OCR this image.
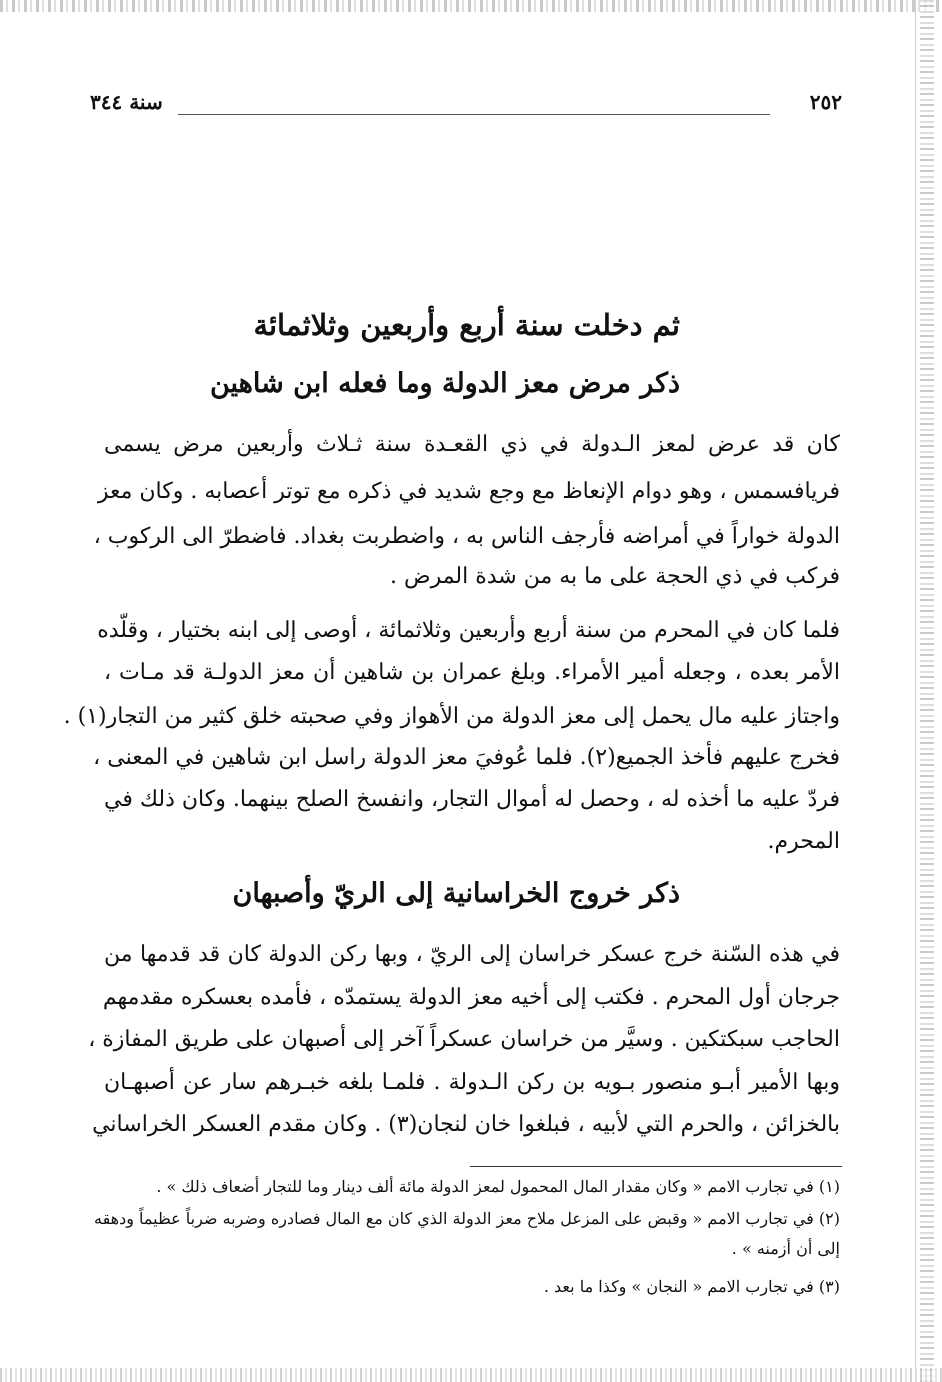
٢٥٢
سنة ٣٤٤
ثم دخلت سنة أربع وأربعين وثلاثمائة
ذكر مرض معز الدولة وما فعله ابن شاهين
كان قد عرض لمعز الـدولة في ذي القعـدة سنة ثـلاث وأربعين مرض يسمى
فريافسمس ، وهو دوام الإنعاظ مع وجع شديد في ذكره مع توتر أعصابه . وكان معز
الدولة خواراً في أمراضه فأرجف الناس به ، واضطربت بغداد. فاضطرّ الى الركوب ،
فركب في ذي الحجة على ما به من شدة المرض .
فلما كان في المحرم من سنة أربع وأربعين وثلاثمائة ، أوصى إلى ابنه بختيار ، وقلّده
الأمر بعده ، وجعله أمير الأمراء. وبلغ عمران بن شاهين أن معز الدولـة قد مـات ،
واجتاز عليه مال يحمل إلى معز الدولة من الأهواز وفي صحبته خلق كثير من التجار(١) .
فخرج عليهم فأخذ الجميع(٢). فلما عُوفيَ معز الدولة راسل ابن شاهين في المعنى ،
فردّ عليه ما أخذه له ، وحصل له أموال التجار، وانفسخ الصلح بينهما. وكان ذلك في
المحرم.
ذكر خروج الخراسانية إلى الريّ وأصبهان
في هذه السّنة خرج عسكر خراسان إلى الريّ ، وبها ركن الدولة كان قد قدمها من
جرجان أول المحرم . فكتب إلى أخيه معز الدولة يستمدّه ، فأمده بعسكره مقدمهم
الحاجب سبكتكين . وسيَّر من خراسان عسكراً آخر إلى أصبهان على طريق المفازة ،
وبها الأمير أبـو منصور بـويه بن ركن الـدولة . فلمـا بلغه خبـرهم سار عن أصبهـان
بالخزائن ، والحرم التي لأبيه ، فبلغوا خان لنجان(٣) . وكان مقدم العسكر الخراساني
(١) في تجارب الامم « وكان مقدار المال المحمول لمعز الدولة مائة ألف دينار وما للتجار أضعاف ذلك » .
(٢) في تجارب الامم « وقبض على المزعل ملاح معز الدولة الذي كان مع المال فصادره وضربه ضرباً عظيماً ودهقه
إلى أن أزمنه » .
(٣) في تجارب الامم « النجان » وكذا ما بعد .
